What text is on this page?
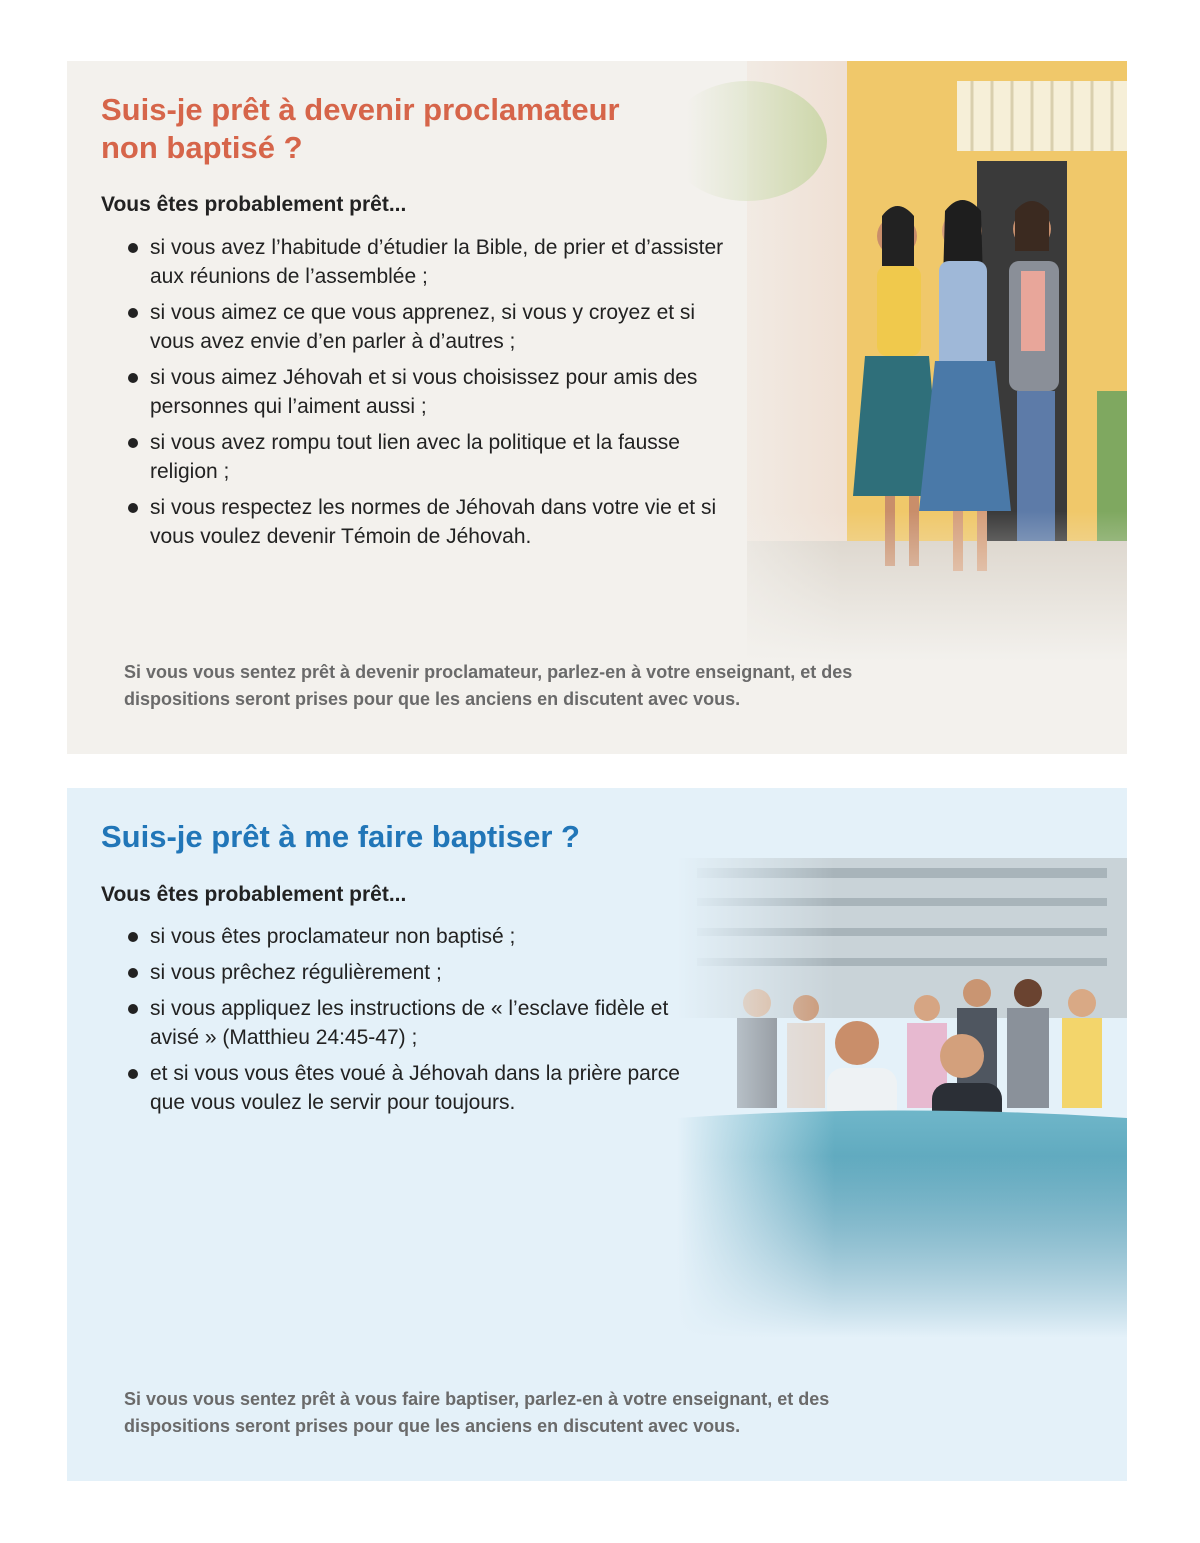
Suis-je prêt à devenir proclamateur non baptisé ?

Vous êtes probablement prêt...

si vous avez l’habitude d’étudier la Bible, de prier et d’assister aux réunions de l’assemblée ;
si vous aimez ce que vous apprenez, si vous y croyez et si vous avez envie d’en parler à d’autres ;
si vous aimez Jéhovah et si vous choisissez pour amis des personnes qui l’aiment aussi ;
si vous avez rompu tout lien avec la politique et la fausse religion ;
si vous respectez les normes de Jéhovah dans votre vie et si vous voulez devenir Témoin de Jéhovah.

Si vous vous sentez prêt à devenir proclamateur, parlez-en à votre enseignant, et des dispositions seront prises pour que les anciens en discutent avec vous.

Suis-je prêt à me faire baptiser ?

Vous êtes probablement prêt...

si vous êtes proclamateur non baptisé ;
si vous prêchez régulièrement ;
si vous appliquez les instructions de « l’esclave fidèle et avisé » (Matthieu 24:45-47) ;
et si vous vous êtes voué à Jéhovah dans la prière parce que vous voulez le servir pour toujours.

Si vous vous sentez prêt à vous faire baptiser, parlez-en à votre enseignant, et des dispositions seront prises pour que les anciens en discutent avec vous.
